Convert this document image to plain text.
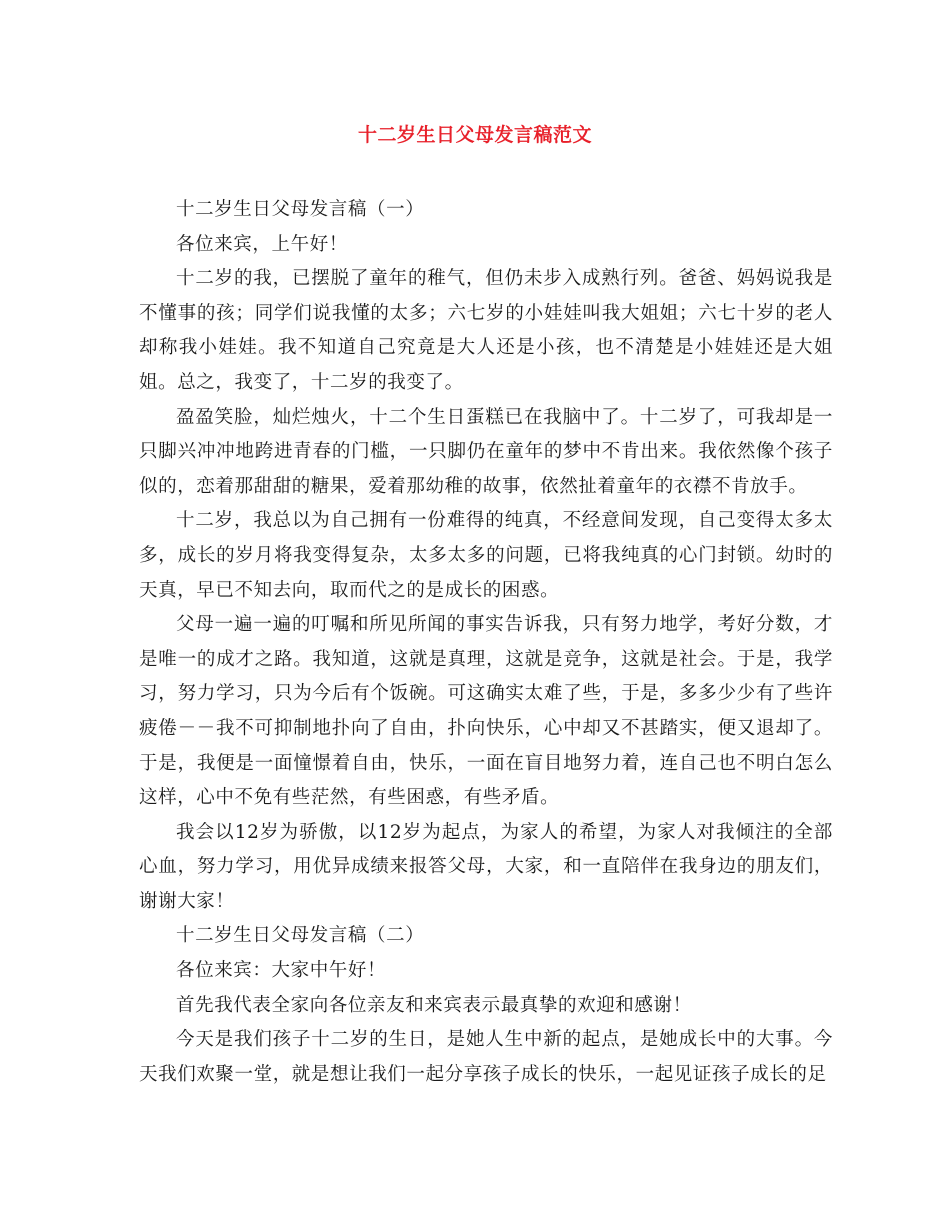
十二岁生日父母发言稿范文

十二岁生日父母发言稿（一）

各位来宾，上午好！

十二岁的我，已摆脱了童年的稚气，但仍未步入成熟行列。爸爸、妈妈说我是不懂事的孩；同学们说我懂的太多；六七岁的小娃娃叫我大姐姐；六七十岁的老人却称我小娃娃。我不知道自己究竟是大人还是小孩，也不清楚是小娃娃还是大姐姐。总之，我变了，十二岁的我变了。

盈盈笑脸，灿烂烛火，十二个生日蛋糕已在我脑中了。十二岁了，可我却是一只脚兴冲冲地跨进青春的门槛，一只脚仍在童年的梦中不肯出来。我依然像个孩子似的，恋着那甜甜的糖果，爱着那幼稚的故事，依然扯着童年的衣襟不肯放手。

十二岁，我总以为自己拥有一份难得的纯真，不经意间发现，自己变得太多太多，成长的岁月将我变得复杂，太多太多的问题，已将我纯真的心门封锁。幼时的天真，早已不知去向，取而代之的是成长的困惑。

父母一遍一遍的叮嘱和所见所闻的事实告诉我，只有努力地学，考好分数，才是唯一的成才之路。我知道，这就是真理，这就是竞争，这就是社会。于是，我学习，努力学习，只为今后有个饭碗。可这确实太难了些，于是，多多少少有了些许疲倦－－我不可抑制地扑向了自由，扑向快乐，心中却又不甚踏实，便又退却了。于是，我便是一面憧憬着自由，快乐，一面在盲目地努力着，连自己也不明白怎么这样，心中不免有些茫然，有些困惑，有些矛盾。

我会以12岁为骄傲，以12岁为起点，为家人的希望，为家人对我倾注的全部心血，努力学习，用优异成绩来报答父母，大家，和一直陪伴在我身边的朋友们，谢谢大家！

十二岁生日父母发言稿（二）

各位来宾：大家中午好！

首先我代表全家向各位亲友和来宾表示最真挚的欢迎和感谢！

今天是我们孩子十二岁的生日，是她人生中新的起点，是她成长中的大事。今天我们欢聚一堂，就是想让我们一起分享孩子成长的快乐，一起见证孩子成长的足
